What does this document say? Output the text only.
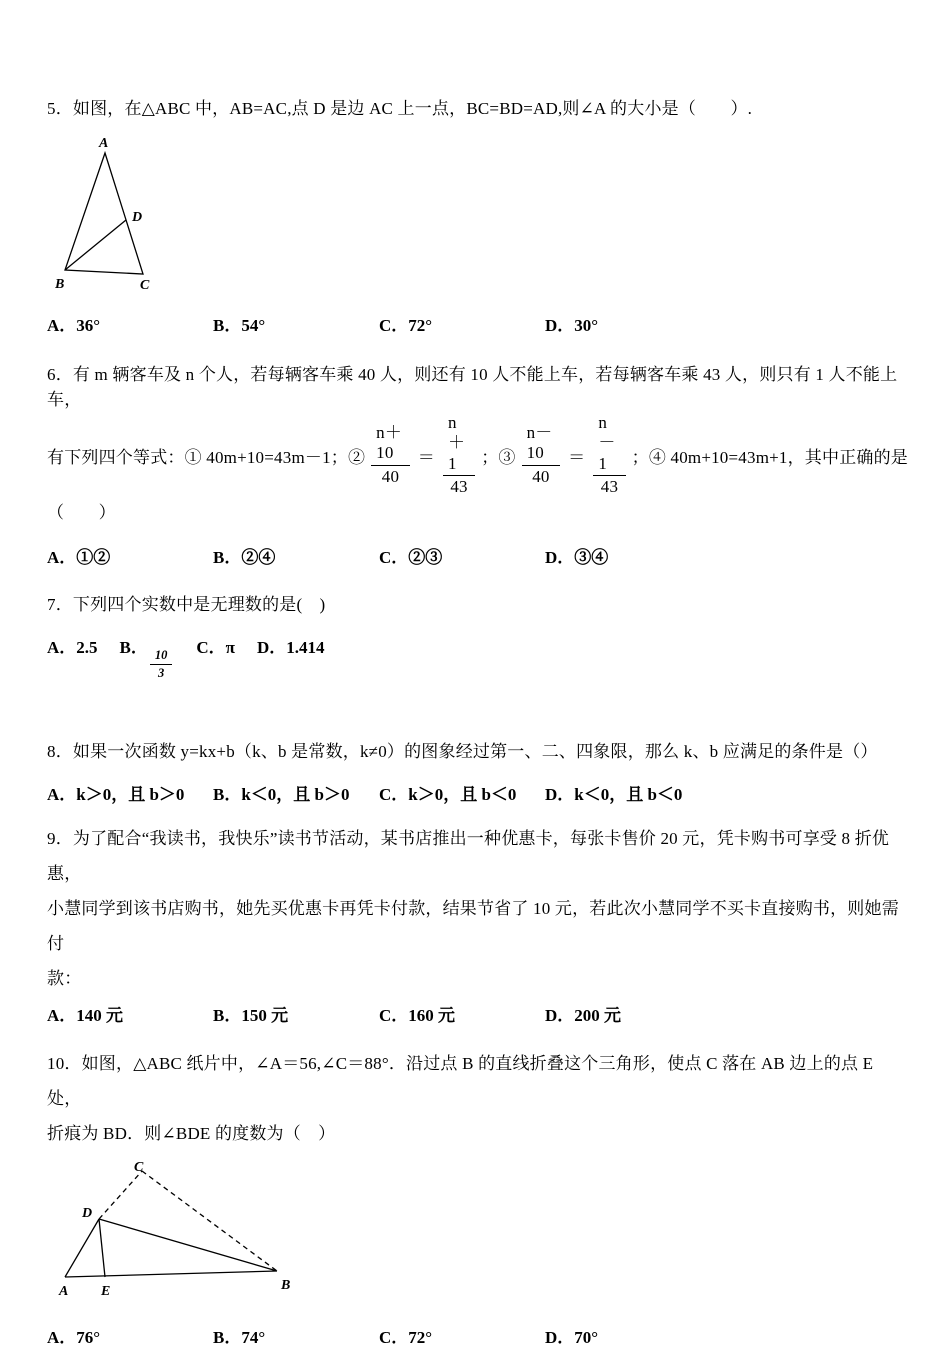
5．如图，在△ABC 中，AB=AC,点 D 是边 AC 上一点，BC=BD=AD,则∠A 的大小是（　　）.

A
B	C
D
A．36°	B．54°	C．72°	D．30°

6．有 m 辆客车及 n 个人，若每辆客车乘 40 人，则还有 10 人不能上车，若每辆客车乘 43 人，则只有 1 人不能上车，

有下列四个等式：① 40m+10=43m－1；② $\frac{n+10}{40} = \frac{n+1}{43}$ ；③ $\frac{n-10}{40} = \frac{n-1}{43}$ ；④ 40m+10=43m+1，其中正确的是

（　　）

A．①②	B．②④	C．②③	D．③④

7．下列四个实数中是无理数的是(　)

A．2.5 B．
$\frac{10}{3}$
C．π D．1.414

8．如果一次函数 y=kx+b（k、b 是常数，k≠0）的图象经过第一、二、四象限，那么 k、b 应满足的条件是（）

A．k＞0，且 b＞0	B．k＜0，且 b＞0	C．k＞0，且 b＜0	D．k＜0，且 b＜0

9．为了配合“我读书，我快乐”读书节活动，某书店推出一种优惠卡，每张卡售价 20 元，凭卡购书可享受 8 折优惠，
小慧同学到该书店购书，她先买优惠卡再凭卡付款，结果节省了 10 元，若此次小慧同学不买卡直接购书，则她需付
款：

A．140 元	B．150 元	C．160 元	D．200 元

10．如图，△ABC 纸片中，∠A＝56,∠C＝88°．沿过点 B 的直线折叠这个三角形，使点 C 落在 AB 边上的点 E 处，
折痕为 BD．则∠BDE 的度数为（　）

C
D
A E	B
A．76°	B．74°	C．72°	D．70°
